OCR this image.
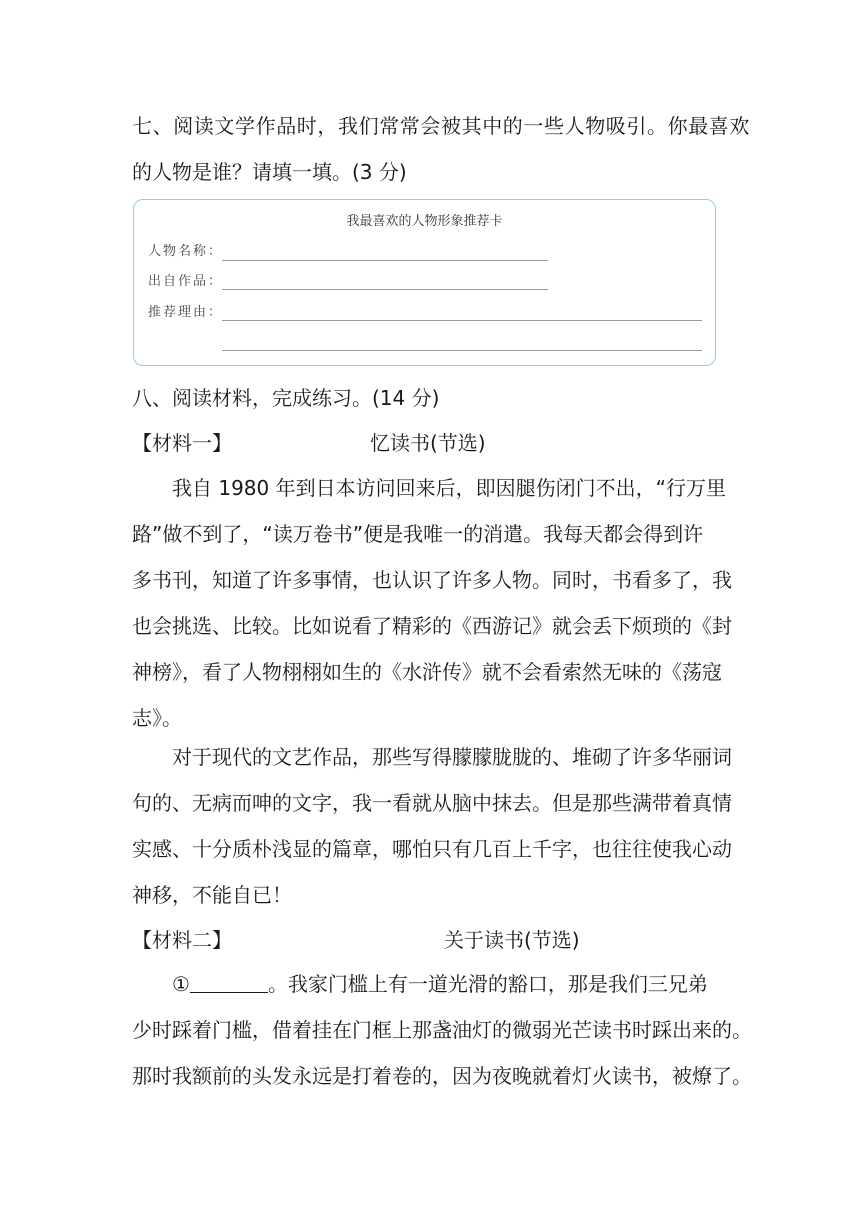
七、阅读文学作品时，我们常常会被其中的一些人物吸引。你最喜欢
的人物是谁？请填一填。(3 分)
我最喜欢的人物形象推荐卡
人物名称：
出自作品：
推荐理由：
八、阅读材料，完成练习。(14 分)
【材料一】	忆读书(节选)
我自 1980 年到日本访问回来后，即因腿伤闭门不出，“行万里
路”做不到了，“读万卷书”便是我唯一的消遣。我每天都会得到许
多书刊，知道了许多事情，也认识了许多人物。同时，书看多了，我
也会挑选、比较。比如说看了精彩的《西游记》就会丢下烦琐的《封
神榜》，看了人物栩栩如生的《水浒传》就不会看索然无味的《荡寇
志》。
对于现代的文艺作品，那些写得朦朦胧胧的、堆砌了许多华丽词
句的、无病而呻的文字，我一看就从脑中抹去。但是那些满带着真情
实感、十分质朴浅显的篇章，哪怕只有几百上千字，也往往使我心动
神移，不能自已！
【材料二】	关于读书(节选)
①	。我家门槛上有一道光滑的豁口，那是我们三兄弟
少时踩着门槛，借着挂在门框上那盏油灯的微弱光芒读书时踩出来的。
那时我额前的头发永远是打着卷的，因为夜晚就着灯火读书，被燎了。
